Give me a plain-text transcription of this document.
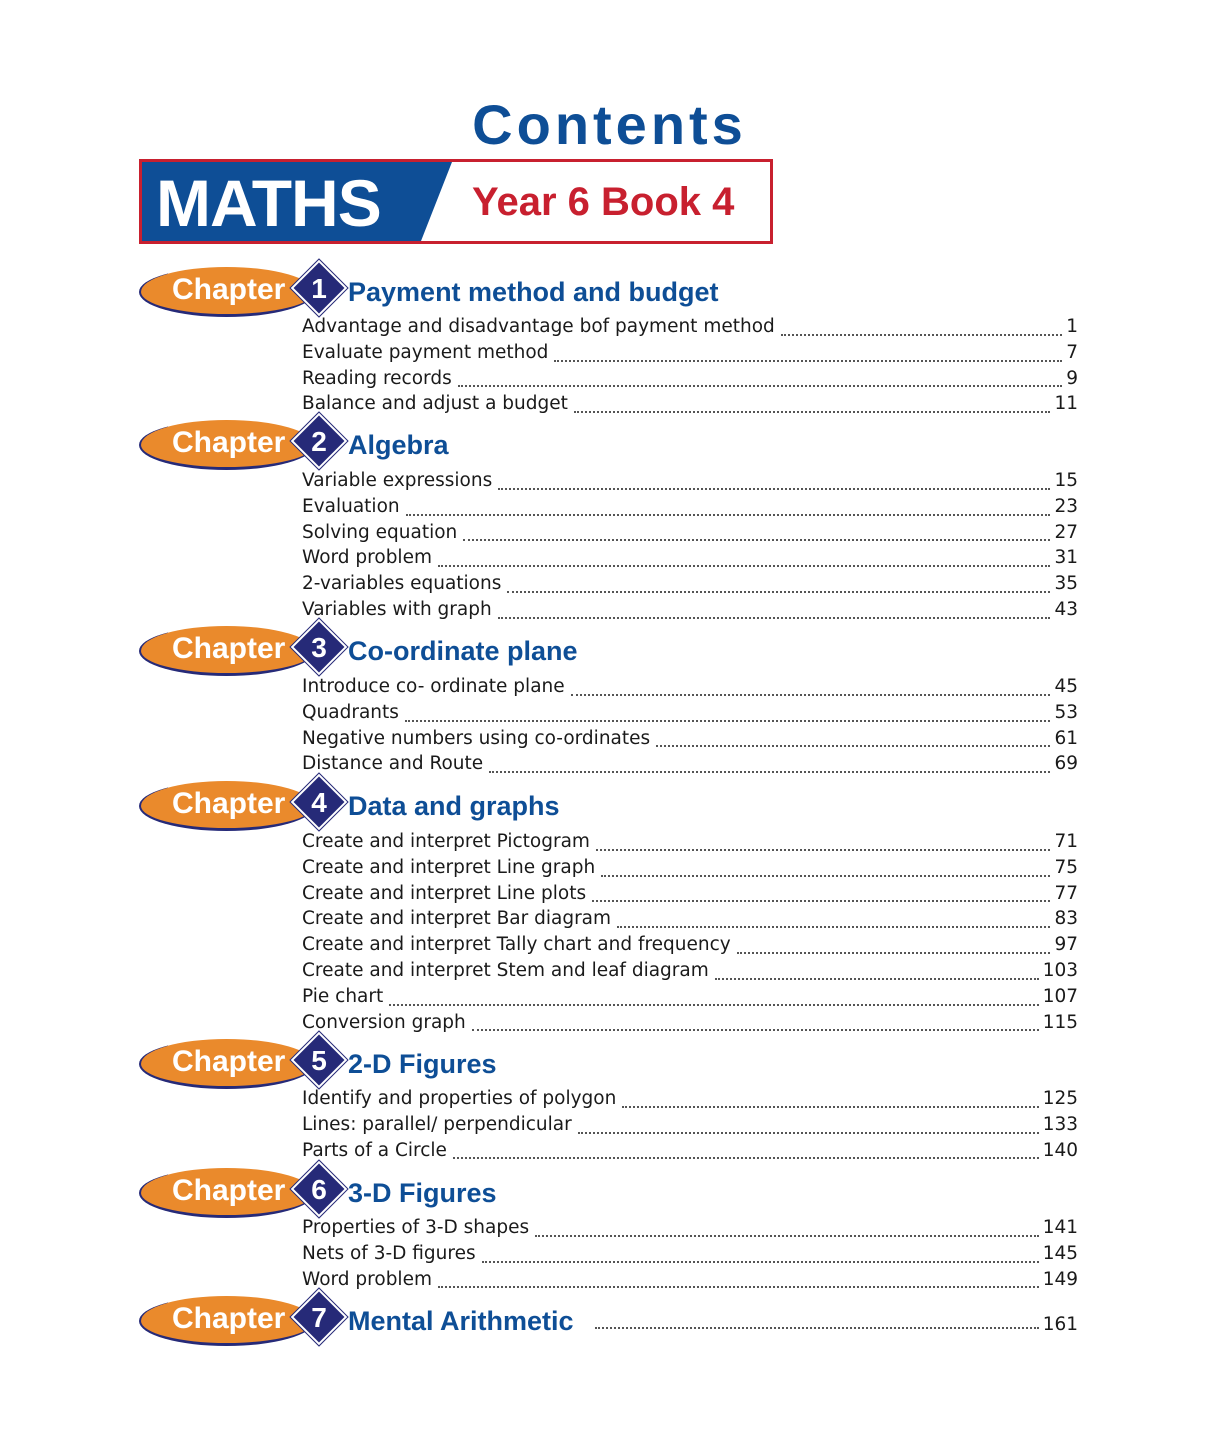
Contents
MATHS Year 6 Book 4
Chapter 1 Payment method and budget
Advantage and disadvantage bof payment method	1
Evaluate payment method	7
Reading records	9
Balance and adjust a budget	11
Chapter 2 Algebra
Variable expressions	15
Evaluation	23
Solving equation	27
Word problem	31
2-variables equations	35
Variables with graph	43
Chapter 3 Co-ordinate plane
Introduce co- ordinate plane	45
Quadrants	53
Negative numbers using co-ordinates	61
Distance and Route	69
Chapter 4 Data and graphs
Create and interpret Pictogram	71
Create and interpret Line graph	75
Create and interpret Line plots	77
Create and interpret Bar diagram	83
Create and interpret Tally chart and frequency	97
Create and interpret Stem and leaf diagram	103
Pie chart	107
Conversion graph	115
Chapter 5 2-D Figures
Identify and properties of polygon	125
Lines: parallel/ perpendicular	133
Parts of a Circle	140
Chapter 6 3-D Figures
Properties of 3-D shapes	141
Nets of 3-D figures	145
Word problem	149
Chapter 7 Mental Arithmetic	161
